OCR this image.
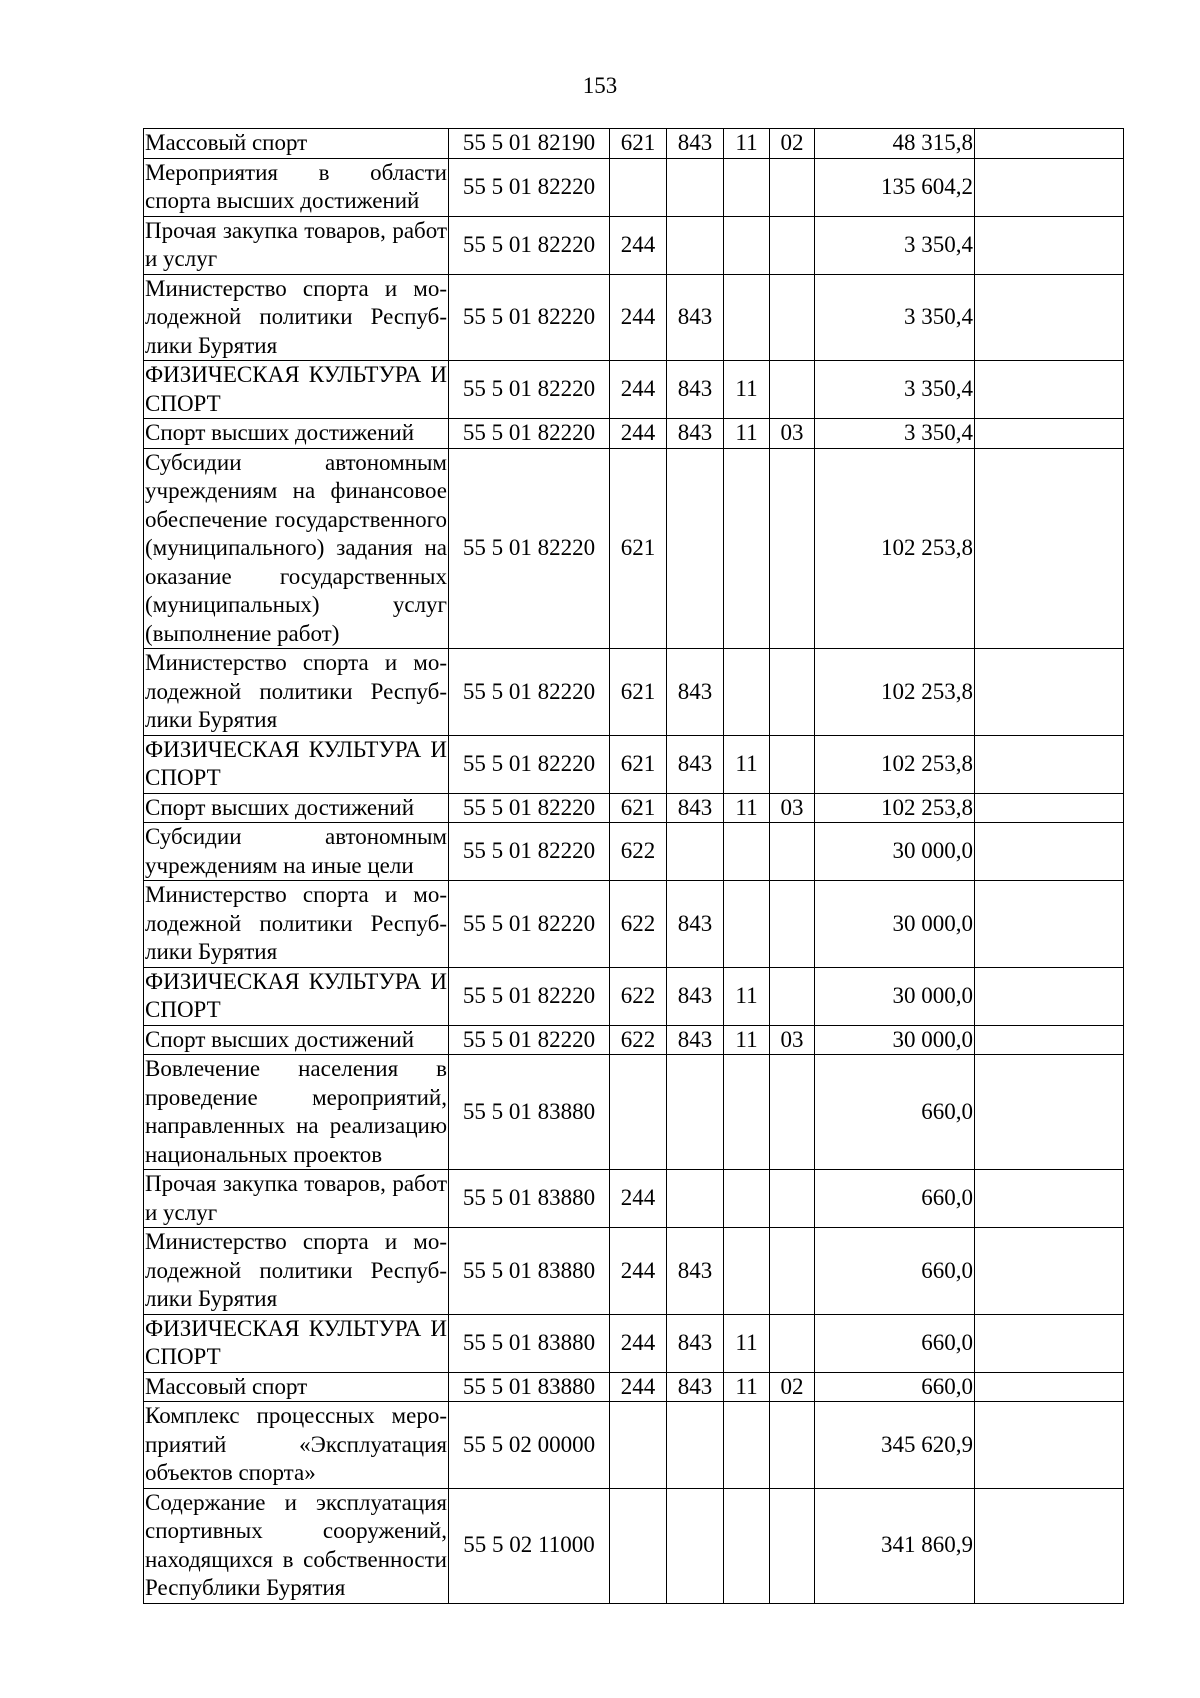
153
Массовый спорт	55 5 01 82190	621	843	11	02	48 315,8	
Мероприятия в области спорта высших достижений	55 5 01 82220					135 604,2	
Прочая закупка товаров, работ и услуг	55 5 01 82220	244				3 350,4	
Министерство спорта и молодежной политики Республики Бурятия	55 5 01 82220	244	843			3 350,4	
ФИЗИЧЕСКАЯ КУЛЬТУРА И СПОРТ	55 5 01 82220	244	843	11		3 350,4	
Спорт высших достижений	55 5 01 82220	244	843	11	03	3 350,4	
Субсидии автономным учреждениям на финансовое обеспечение государственного (муниципального) задания на оказание государственных (муниципальных) услуг (выполнение работ)	55 5 01 82220	621				102 253,8	
Министерство спорта и молодежной политики Республики Бурятия	55 5 01 82220	621	843			102 253,8	
ФИЗИЧЕСКАЯ КУЛЬТУРА И СПОРТ	55 5 01 82220	621	843	11		102 253,8	
Спорт высших достижений	55 5 01 82220	621	843	11	03	102 253,8	
Субсидии автономным учреждениям на иные цели	55 5 01 82220	622				30 000,0	
Министерство спорта и молодежной политики Республики Бурятия	55 5 01 82220	622	843			30 000,0	
ФИЗИЧЕСКАЯ КУЛЬТУРА И СПОРТ	55 5 01 82220	622	843	11		30 000,0	
Спорт высших достижений	55 5 01 82220	622	843	11	03	30 000,0	
Вовлечение населения в проведение мероприятий, направленных на реализацию национальных проектов	55 5 01 83880					660,0	
Прочая закупка товаров, работ и услуг	55 5 01 83880	244				660,0	
Министерство спорта и молодежной политики Республики Бурятия	55 5 01 83880	244	843			660,0	
ФИЗИЧЕСКАЯ КУЛЬТУРА И СПОРТ	55 5 01 83880	244	843	11		660,0	
Массовый спорт	55 5 01 83880	244	843	11	02	660,0	
Комплекс процессных мероприятий «Эксплуатация объектов спорта»	55 5 02 00000					345 620,9	
Содержание и эксплуатация спортивных сооружений, находящихся в собственности Республики Бурятия	55 5 02 11000					341 860,9	
